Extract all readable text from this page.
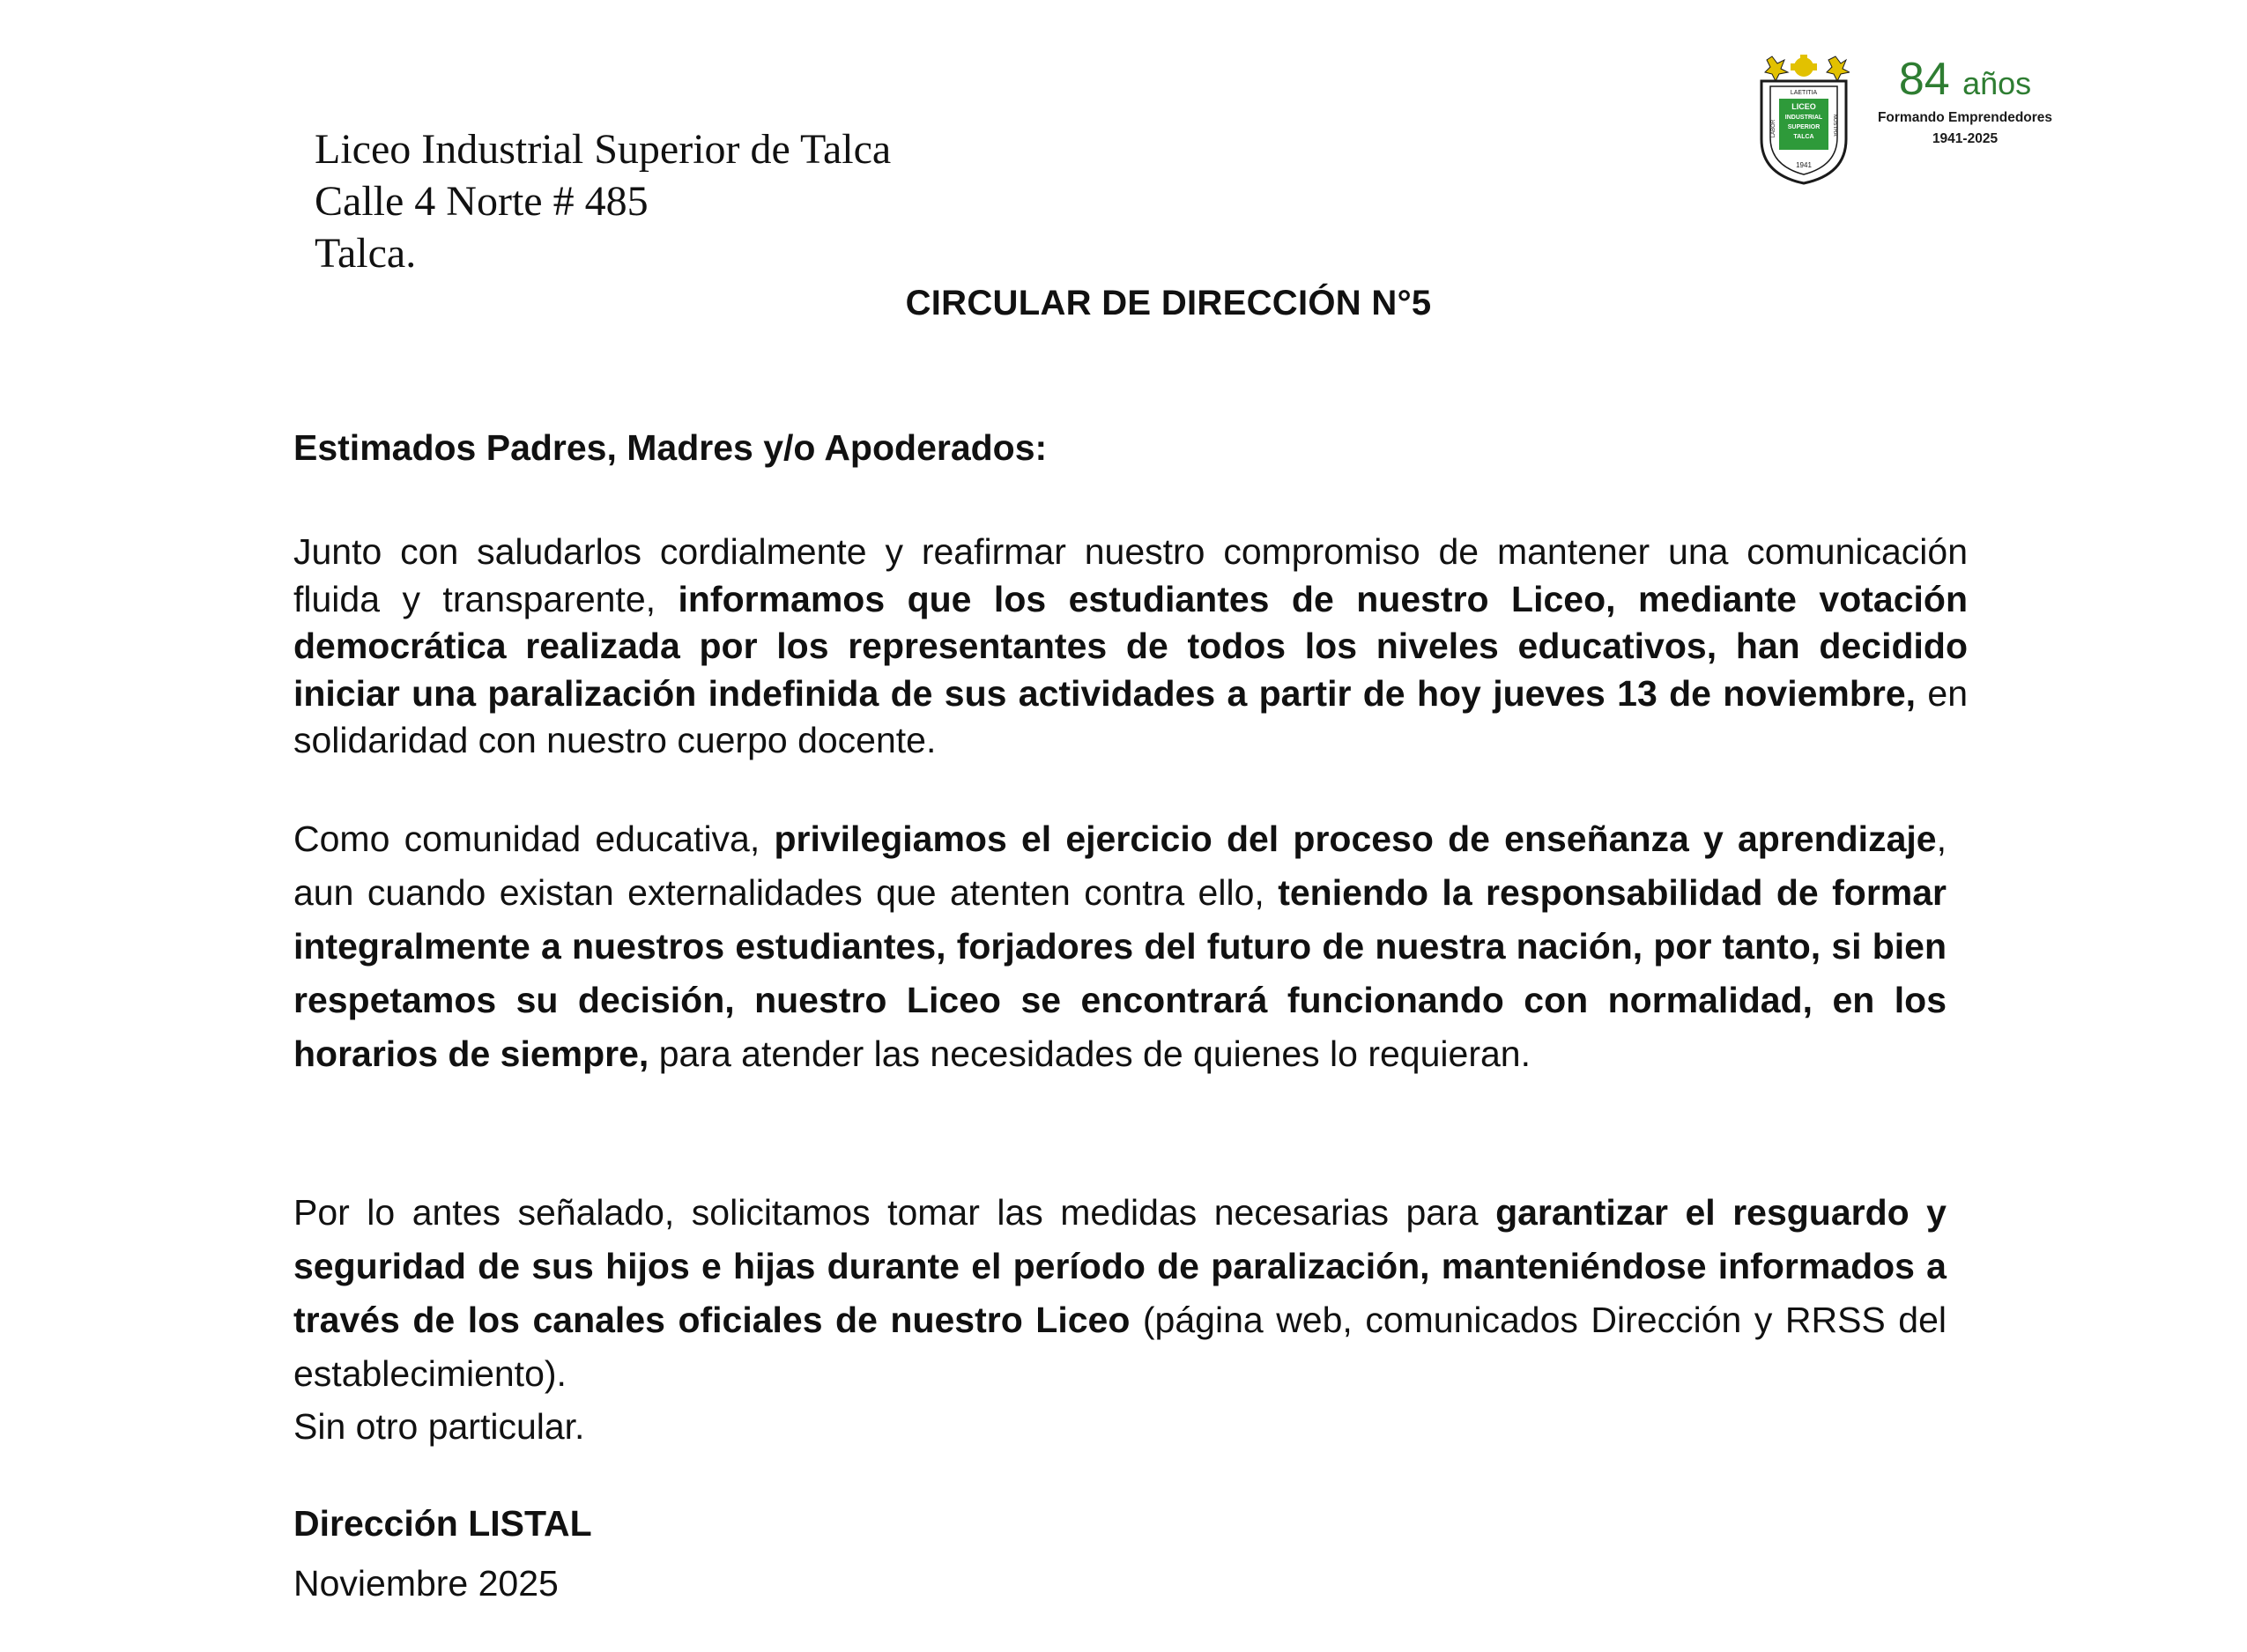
Liceo Industrial Superior de Talca
Calle 4 Norte # 485
Talca.
LAETITIA
LICEO
INDUSTRIAL
SUPERIOR
TALCA
LABOR	NOSTRA
1941
84 años
Formando Emprendedores
1941-2025
CIRCULAR DE DIRECCIÓN N°5

Estimados Padres, Madres y/o Apoderados:

Junto con saludarlos cordialmente y reafirmar nuestro compromiso de mantener una comunicación fluida y transparente, informamos que los estudiantes de nuestro Liceo, mediante votación democrática realizada por los representantes de todos los niveles educativos, han decidido iniciar una paralización indefinida de sus actividades a partir de hoy jueves 13 de noviembre, en solidaridad con nuestro cuerpo docente.

Como comunidad educativa, privilegiamos el ejercicio del proceso de enseñanza y aprendizaje, aun cuando existan externalidades que atenten contra ello, teniendo la responsabilidad de formar integralmente a nuestros estudiantes, forjadores del futuro de nuestra nación, por tanto, si bien respetamos su decisión, nuestro Liceo se encontrará funcionando con normalidad, en los horarios de siempre, para atender las necesidades de quienes lo requieran.

Por lo antes señalado, solicitamos tomar las medidas necesarias para garantizar el resguardo y seguridad de sus hijos e hijas durante el período de paralización, manteniéndose informados a través de los canales oficiales de nuestro Liceo (página web, comunicados Dirección y RRSS del establecimiento).

Sin otro particular.

Dirección LISTAL

Noviembre 2025
